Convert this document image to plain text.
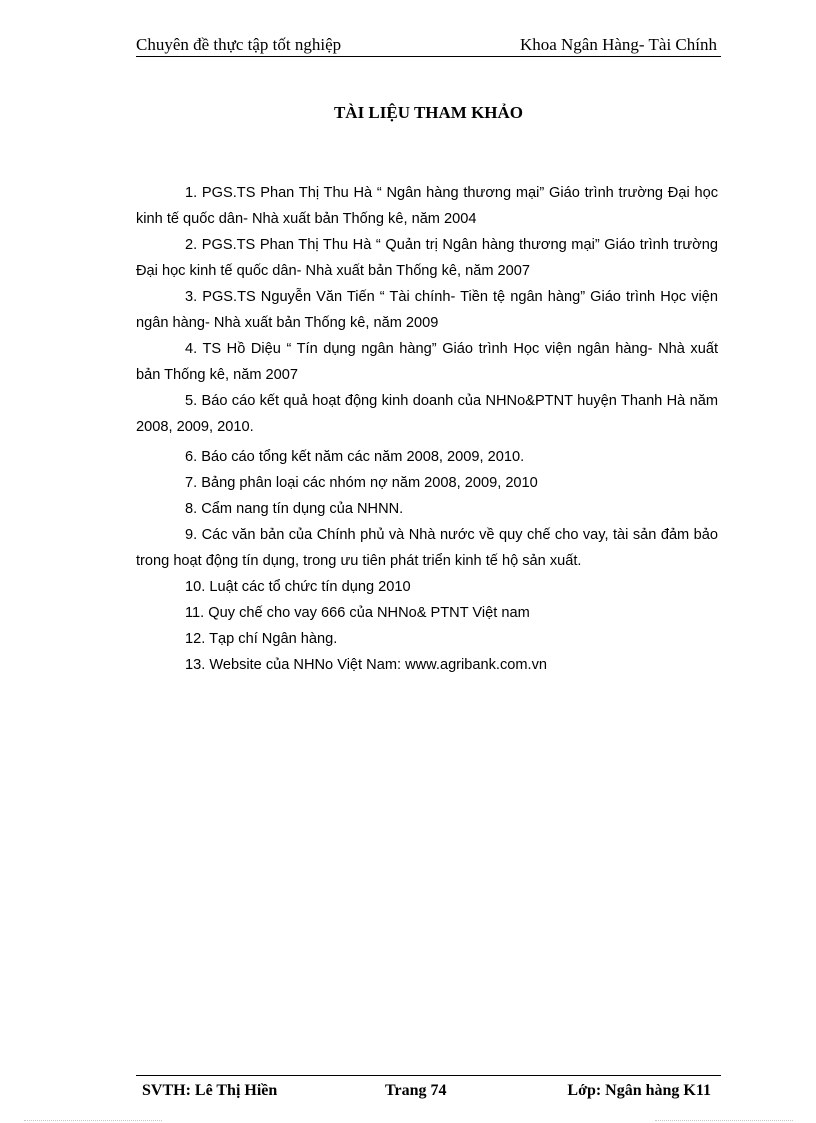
Chuyên đề thực tập tốt nghiệp	Khoa Ngân Hàng- Tài Chính
TÀI LIỆU THAM KHẢO

1. PGS.TS Phan Thị Thu Hà “ Ngân hàng thương mại” Giáo trình trường Đại học kinh tế quốc dân- Nhà xuất bản Thống kê, năm 2004

2. PGS.TS Phan Thị Thu Hà “ Quản trị Ngân hàng thương mại” Giáo trình trường Đại học kinh tế quốc dân- Nhà xuất bản Thống kê, năm 2007

3. PGS.TS Nguyễn Văn Tiến “ Tài chính- Tiền tệ ngân hàng” Giáo trình Học viện ngân hàng- Nhà xuất bản Thống kê, năm 2009

4. TS Hồ Diệu “ Tín dụng ngân hàng” Giáo trình Học viện ngân hàng- Nhà xuất bản Thống kê, năm 2007

5. Báo cáo kết quả hoạt động kinh doanh của NHNo&PTNT huyện Thanh Hà năm 2008, 2009, 2010.

6. Báo cáo tổng kết năm các năm 2008, 2009, 2010.

7. Bảng phân loại các nhóm nợ năm 2008, 2009, 2010

8. Cẩm nang tín dụng của NHNN.

9. Các văn bản của Chính phủ và Nhà nước về quy chế cho vay, tài sản đảm bảo trong hoạt động tín dụng, trong ưu tiên phát triển kinh tế hộ sản xuất.

10. Luật các tổ chức tín dụng 2010

11. Quy chế cho vay 666 của NHNo& PTNT Việt nam

12. Tạp chí Ngân hàng.

13. Website của NHNo Việt Nam: www.agribank.com.vn

SVTH: Lê Thị Hiền	Trang 74	Lớp: Ngân hàng K11
